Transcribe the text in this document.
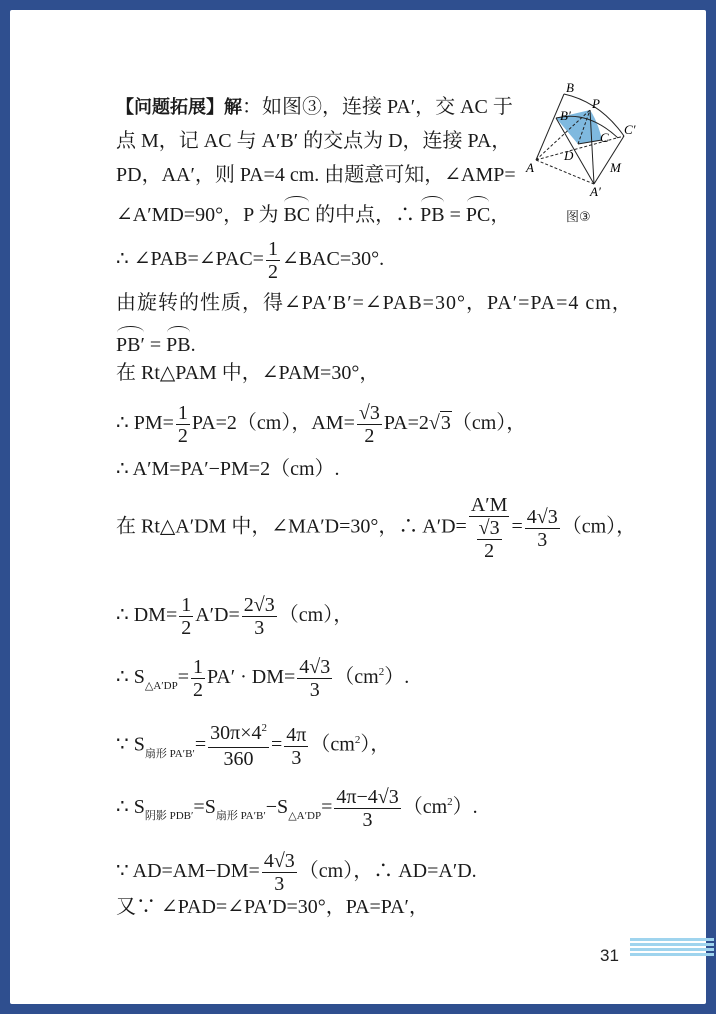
【问题拓展】解：如图③，连接 PA′，交 AC 于
点 M，记 AC 与 A′B′ 的交点为 D，连接 PA，
PD，AA′，则 PA=4 cm. 由题意可知，∠AMP=
∠A′MD=90°，P 为 BC 的中点，∴ PB = PC，
B
P
B′
C
C′
D
A	M
A′
图③
∴ ∠PAB=∠PAC= $\frac{1}{2}$ ∠BAC=30°.
由旋转的性质，得∠PA′B′=∠PAB=30°，PA′=PA=4 cm，
PB′ = PB.
在 Rt△PAM 中，∠PAM=30°，
∴ $PM= \frac{1}{2} PA=2(cm)$，$AM= \frac{√3}{2} PA=2√3(cm)$，
∴ A′M=PA′−PM=2（cm）.
在 Rt△A′DM 中，∠MA′D=30°，∴ $A'D= \frac{A'M}{\frac{√3}{2}} = \frac{4√3}{3} (cm)$，
∴ $DM= \frac{1}{2} A'D= \frac{2√3}{3} (cm)$，
∴ $S_{\triangle A'DP}= \frac{1}{2} PA' \cdot DM= \frac{4√3}{3} (cm^2)$.
∵ $S_{扇形 PA'B'}= \frac{30\pi\times 4^2}{360} = \frac{4\pi}{3} (cm^2)$，
∴ $S_{阴影 PDB'}=S_{扇形 PA'B'}-S_{\triangle A'DP}= \frac{4\pi-4√3}{3} (cm^2)$.
∵ $AD=AM-DM= \frac{4√3}{3} (cm)$，∴ AD=A′D.
又∵ ∠PAD=∠PA′D=30°，PA=PA′，
31
